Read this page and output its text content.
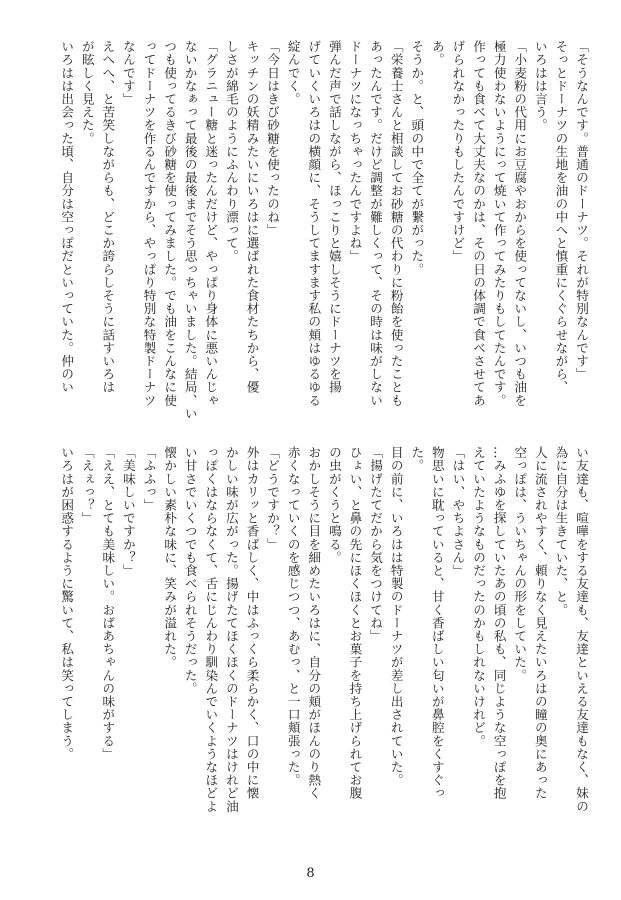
「そうなんです。普通のドーナツ。それが特別なんです」
そっとドーナツの生地を油の中へと慎重にくぐらせながら、
いろはは言う。
「小麦粉の代用にお豆腐やおからを使ってないし、いつも油を
極力使わないようにって焼いて作ってみたりもしてたんです。
作っても食べて大丈夫なのかは、その日の体調で食べさせてあ
げられなかったりもしたんですけど」
あ。
そうか。と、頭の中で全てが繋がった。
「栄養士さんと相談してお砂糖の代わりに粉飴を使ったことも
あったんです。だけど調整が難しくって、その時は味がしない
ドーナツになっちゃったんですよね」
弾んだ声で話しながら、ほっこりと嬉しそうにドーナツを揚
げていくいろはの横顔に、そうしてますます私の頬はゆるゆる
綻んでく。
「今日はきび砂糖を使ったのね」
キッチンの妖精みたいにいろはに選ばれた食材たちから、優
しさが綿毛のようにふんわり漂って。
「グラニュー糖と迷ったんだけど、やっぱり身体に悪いんじゃ
ないかなぁって最後の最後までそう思っちゃいました。結局、い
つも使ってるきび砂糖を使ってみました。でも油をこんなに使
ってドーナツを作るんですから、やっぱり特別な特製ドーナツ
なんです」
えへへ、と苦笑しながらも、どこか誇らしそうに話すいろは
が眩しく見えた。
いろはは出会った頃、自分は空っぽだといっていた。仲のい
い友達も、喧嘩をする友達も、友達といえる友達もなく、妹の
為に自分は生きていた、と。
人に流されやすく、頼りなく見えたいろはの瞳の奥にあった
空っぽは、ういちゃんの形をしていた。
…みふゆを探していたあの頃の私も、同じような空っぽを抱
えていたようなものだったのかもしれないけれど。
「はい、やちよさん」
物思いに耽っていると、甘く香ばしい匂いが鼻腔をくすぐっ
た。
目の前に、いろはは特製のドーナツが差し出されていた。
「揚げたてだから気をつけてね」
ひょい、と鼻の先にほくほくとお菓子を持ち上げられてお腹
の虫がくうと鳴る。
おかしそうに目を細めたいろはに、自分の頬がほんのり熱く
赤くなっていくのを感じつつ、あむっ、と一口頬張った。
「どうですか？」
外はカリッと香ばしく、中はふっくら柔らかく、口の中に懐
かしい味が広がった。揚げたてほくほくのドーナツはけれど油
っぽくはならなくて、舌にじんわり馴染んでいくようなほどよ
い甘さでいくつでも食べられそうだった。
懐かしい素朴な味に、笑みが溢れた。
「ふふっ」
「美味しいですか？」
「ええ、とても美味しい。おばあちゃんの味がする」
「えぇっ？」
いろはが困惑するように驚いて、私は笑ってしまう。
8
